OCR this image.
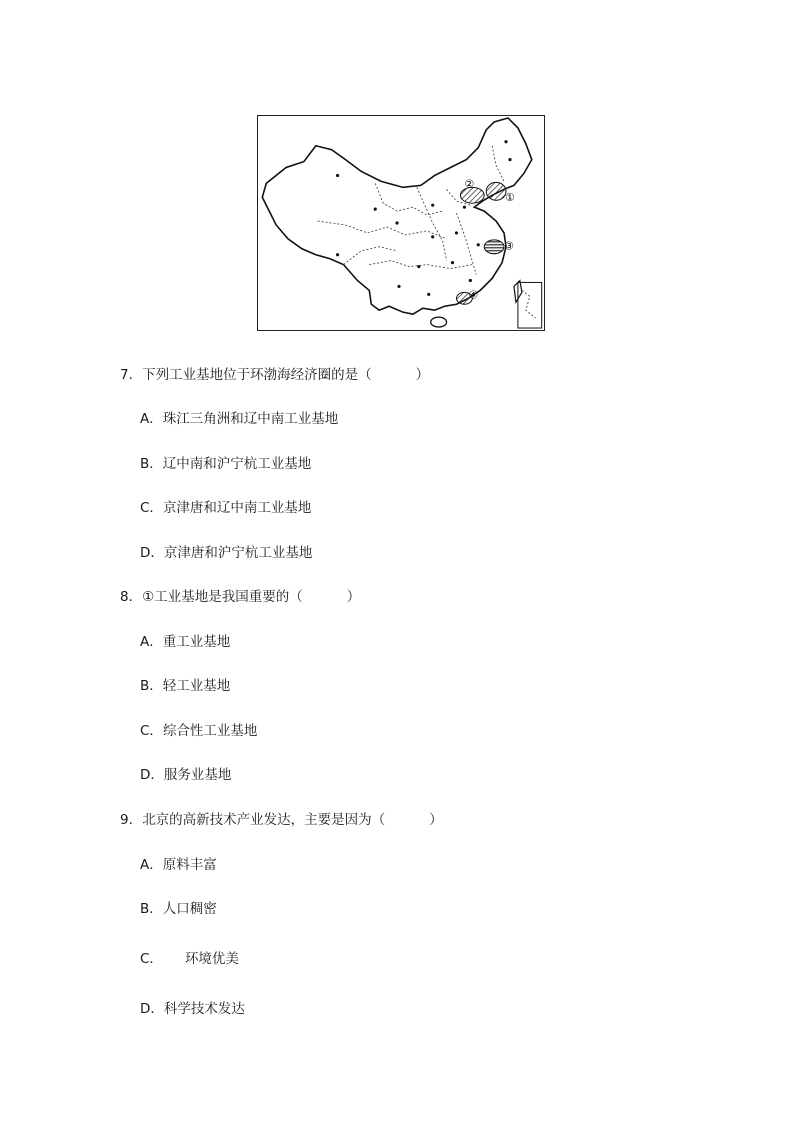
②
①
③
④
7．下列工业基地位于环渤海经济圈的是（	）
A．珠江三角洲和辽中南工业基地
B．辽中南和沪宁杭工业基地
C．京津唐和辽中南工业基地
D．京津唐和沪宁杭工业基地
8．①工业基地是我国重要的（	）
A．重工业基地
B．轻工业基地
C．综合性工业基地
D．服务业基地
9．北京的高新技术产业发达，主要是因为（	）
A．原料丰富
B．人口稠密
C． 环境优美
D．科学技术发达
